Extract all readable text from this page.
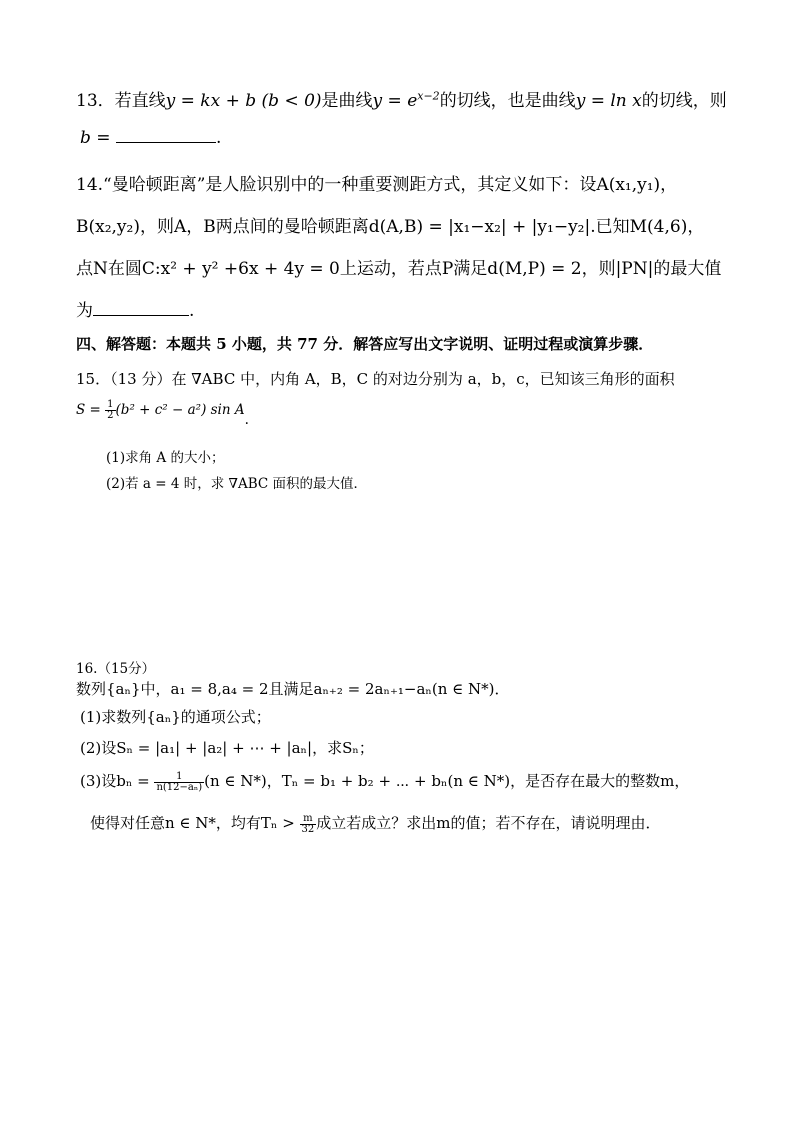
13．若直线y = kx + b (b < 0)是曲线$y = e^{x-2}$的切线，也是曲线y = ln x的切线，则
b =	.
14.“曼哈顿距离”是人脸识别中的一种重要测距方式，其定义如下：设A(x₁,y₁)，
B(x₂,y₂)，则A，B两点间的曼哈顿距离d(A,B) = |x₁−x₂| + |y₁−y₂|.已知M(4,6)，
点N在圆C:x² + y² +6x + 4y = 0上运动，若点P满足d(M,P) = 2，则|PN|的最大值
为	.
四、解答题：本题共 5 小题，共 77 分．解答应写出文字说明、证明过程或演算步骤．
15．（13 分）在 ∇ABC 中，内角 A，B，C 的对边分别为 a，b，c，已知该三角形的面积
$S = \frac{1}{2} (b^2 + c^2 - a^2)$ sin A.
(1)求角 A 的大小；
(2)若 a = 4 时，求 ∇ABC 面积的最大值．
16.（15分）
数列{aₙ}中，a₁ = 8,a₄ = 2且满足aₙ₊₂ = 2aₙ₊₁−aₙ(n ∈ N*)．
(1)求数列{aₙ}的通项公式；
(2)设Sₙ = |a₁| + |a₂| + ⋯ + |aₙ|，求Sₙ；
(3)设$b_n = \frac{1}{\text{n(12−aₙ)}} (n$ ∈ N*)，Tₙ = b₁ + b₂ + ⋯ + bₙ(n ∈ N*)，是否存在最大的整数m，
使得对任意n ∈ N*，均有$T_n > \frac{m}{32}$ 成立若成立？求出m的值；若不存在，请说明理由．
